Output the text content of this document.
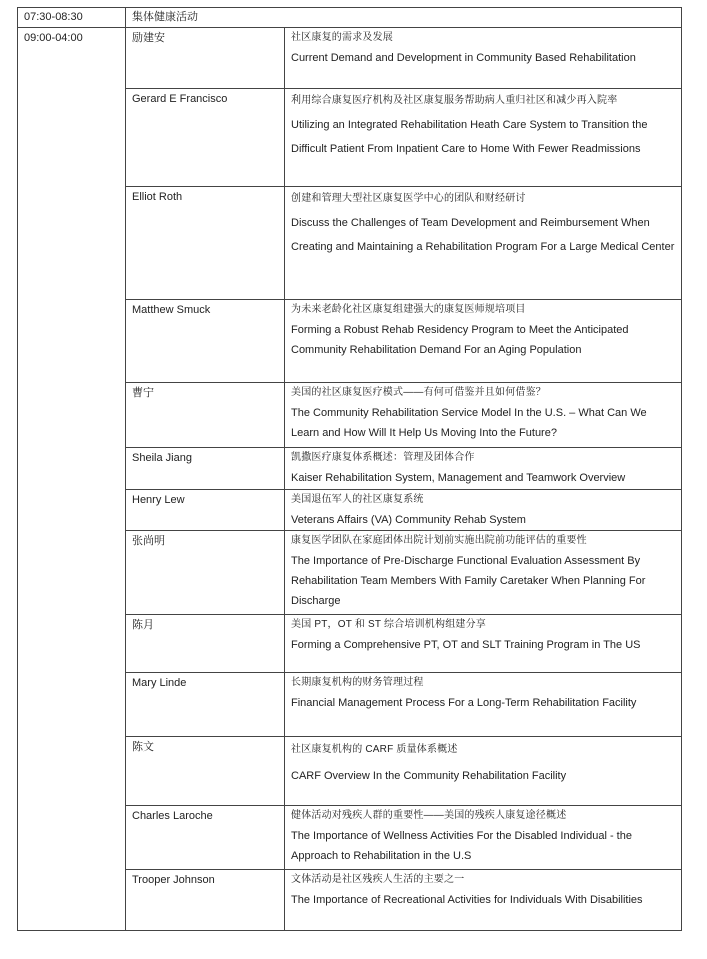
07:30-08:30	集体健康活动	
09:00-04:00	励建安	社区康复的需求及发展
Current Demand and Development in Community Based Rehabilitation

	Gerard E Francisco	利用综合康复医疗机构及社区康复服务帮助病人重归社区和减少再入院率
Utilizing an Integrated Rehabilitation Heath Care System to Transition the Difficult Patient From Inpatient Care to Home With Fewer Readmissions

	Elliot Roth	创建和管理大型社区康复医学中心的团队和财经研讨
Discuss the Challenges of Team Development and Reimbursement When Creating and Maintaining a Rehabilitation Program For a Large Medical Center

	Matthew Smuck	为未来老龄化社区康复组建强大的康复医师规培项目
Forming a Robust Rehab Residency Program to Meet the Anticipated Community Rehabilitation Demand For an Aging Population

	曹宁	美国的社区康复医疗模式——有何可借鉴并且如何借鉴？
The Community Rehabilitation Service Model In the U.S. – What Can We Learn and How Will It Help Us Moving Into the Future?

	Sheila Jiang	凯撒医疗康复体系概述：管理及团体合作
Kaiser Rehabilitation System, Management and Teamwork Overview

	Henry Lew	美国退伍军人的社区康复系统
Veterans Affairs (VA) Community Rehab System

	张尚明	康复医学团队在家庭团体出院计划前实施出院前功能评估的重要性
The Importance of Pre-Discharge Functional Evaluation Assessment By Rehabilitation Team Members With Family Caretaker When Planning For Discharge

	陈月	美国 PT，OT 和 ST 综合培训机构组建分享
Forming a Comprehensive PT, OT and SLT Training Program in The US

	Mary Linde	长期康复机构的财务管理过程
Financial Management Process For a Long-Term Rehabilitation Facility

	陈文	社区康复机构的 CARF 质量体系概述
CARF Overview In the Community Rehabilitation Facility

	Charles Laroche	健体活动对残疾人群的重要性——美国的残疾人康复途径概述
The Importance of Wellness Activities For the Disabled Individual - the Approach to Rehabilitation in the U.S

	Trooper Johnson	文体活动是社区残疾人生活的主要之一
The Importance of Recreational Activities for Individuals With Disabilities
